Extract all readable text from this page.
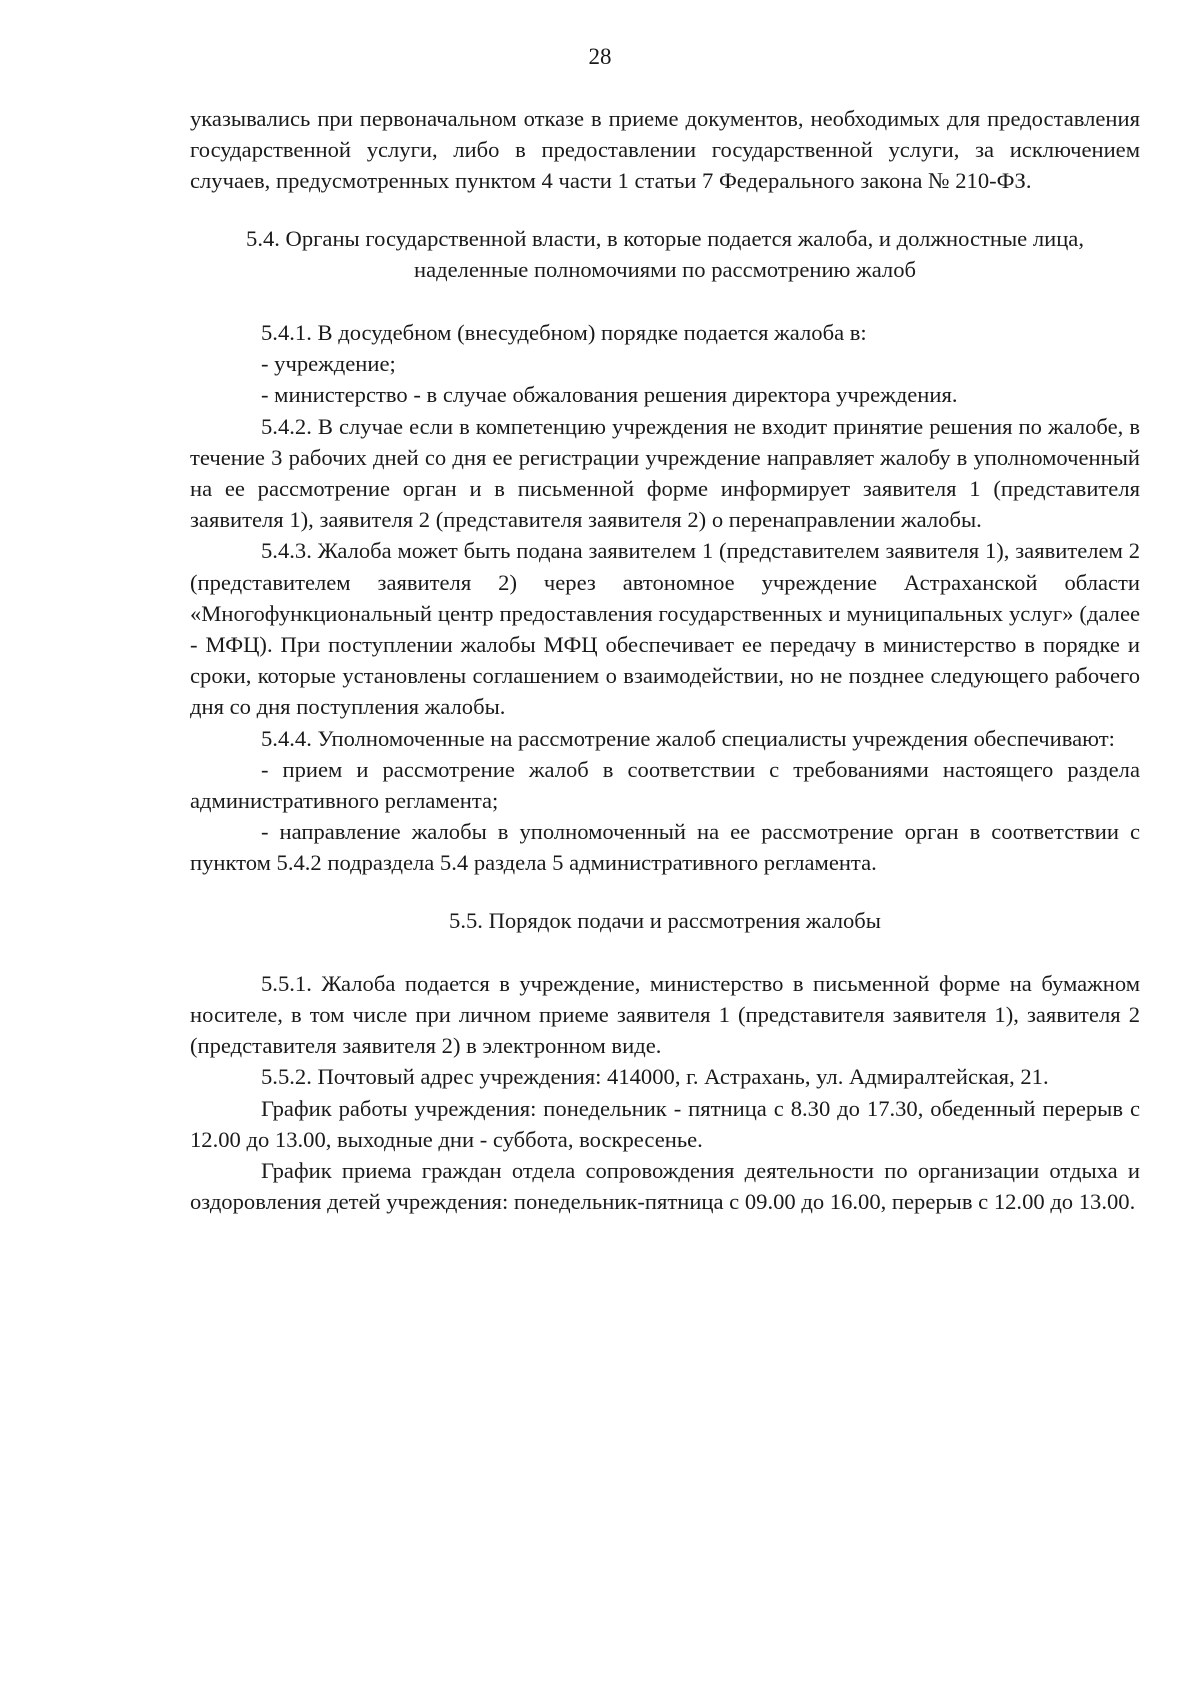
28

указывались при первоначальном отказе в приеме документов, необходимых для предоставления государственной услуги, либо в предоставлении государственной услуги, за исключением случаев, предусмотренных пунктом 4 части 1 статьи 7 Федерального закона № 210-ФЗ.

5.4. Органы государственной власти, в которые подается жалоба, и должностные лица, наделенные полномочиями по рассмотрению жалоб

5.4.1. В досудебном (внесудебном) порядке подается жалоба в:

- учреждение;

- министерство - в случае обжалования решения директора учреждения.

5.4.2. В случае если в компетенцию учреждения не входит принятие решения по жалобе, в течение 3 рабочих дней со дня ее регистрации учреждение направляет жалобу в уполномоченный на ее рассмотрение орган и в письменной форме информирует заявителя 1 (представителя заявителя 1), заявителя 2 (представителя заявителя 2) о перенаправлении жалобы.

5.4.3. Жалоба может быть подана заявителем 1 (представителем заявителя 1), заявителем 2 (представителем заявителя 2) через автономное учреждение Астраханской области «Многофункциональный центр предоставления государственных и муниципальных услуг» (далее - МФЦ). При поступлении жалобы МФЦ обеспечивает ее передачу в министерство в порядке и сроки, которые установлены соглашением о взаимодействии, но не позднее следующего рабочего дня со дня поступления жалобы.

5.4.4. Уполномоченные на рассмотрение жалоб специалисты учреждения обеспечивают:

- прием и рассмотрение жалоб в соответствии с требованиями настоящего раздела административного регламента;

- направление жалобы в уполномоченный на ее рассмотрение орган в соответствии с пунктом 5.4.2 подраздела 5.4 раздела 5 административного регламента.

5.5. Порядок подачи и рассмотрения жалобы

5.5.1. Жалоба подается в учреждение, министерство в письменной форме на бумажном носителе, в том числе при личном приеме заявителя 1 (представителя заявителя 1), заявителя 2 (представителя заявителя 2) в электронном виде.

5.5.2. Почтовый адрес учреждения: 414000, г. Астрахань, ул. Адмиралтейская, 21.

График работы учреждения: понедельник - пятница с 8.30 до 17.30, обеденный перерыв с 12.00 до 13.00, выходные дни - суббота, воскресенье.

График приема граждан отдела сопровождения деятельности по организации отдыха и оздоровления детей учреждения: понедельник-пятница с 09.00 до 16.00, перерыв с 12.00 до 13.00.
